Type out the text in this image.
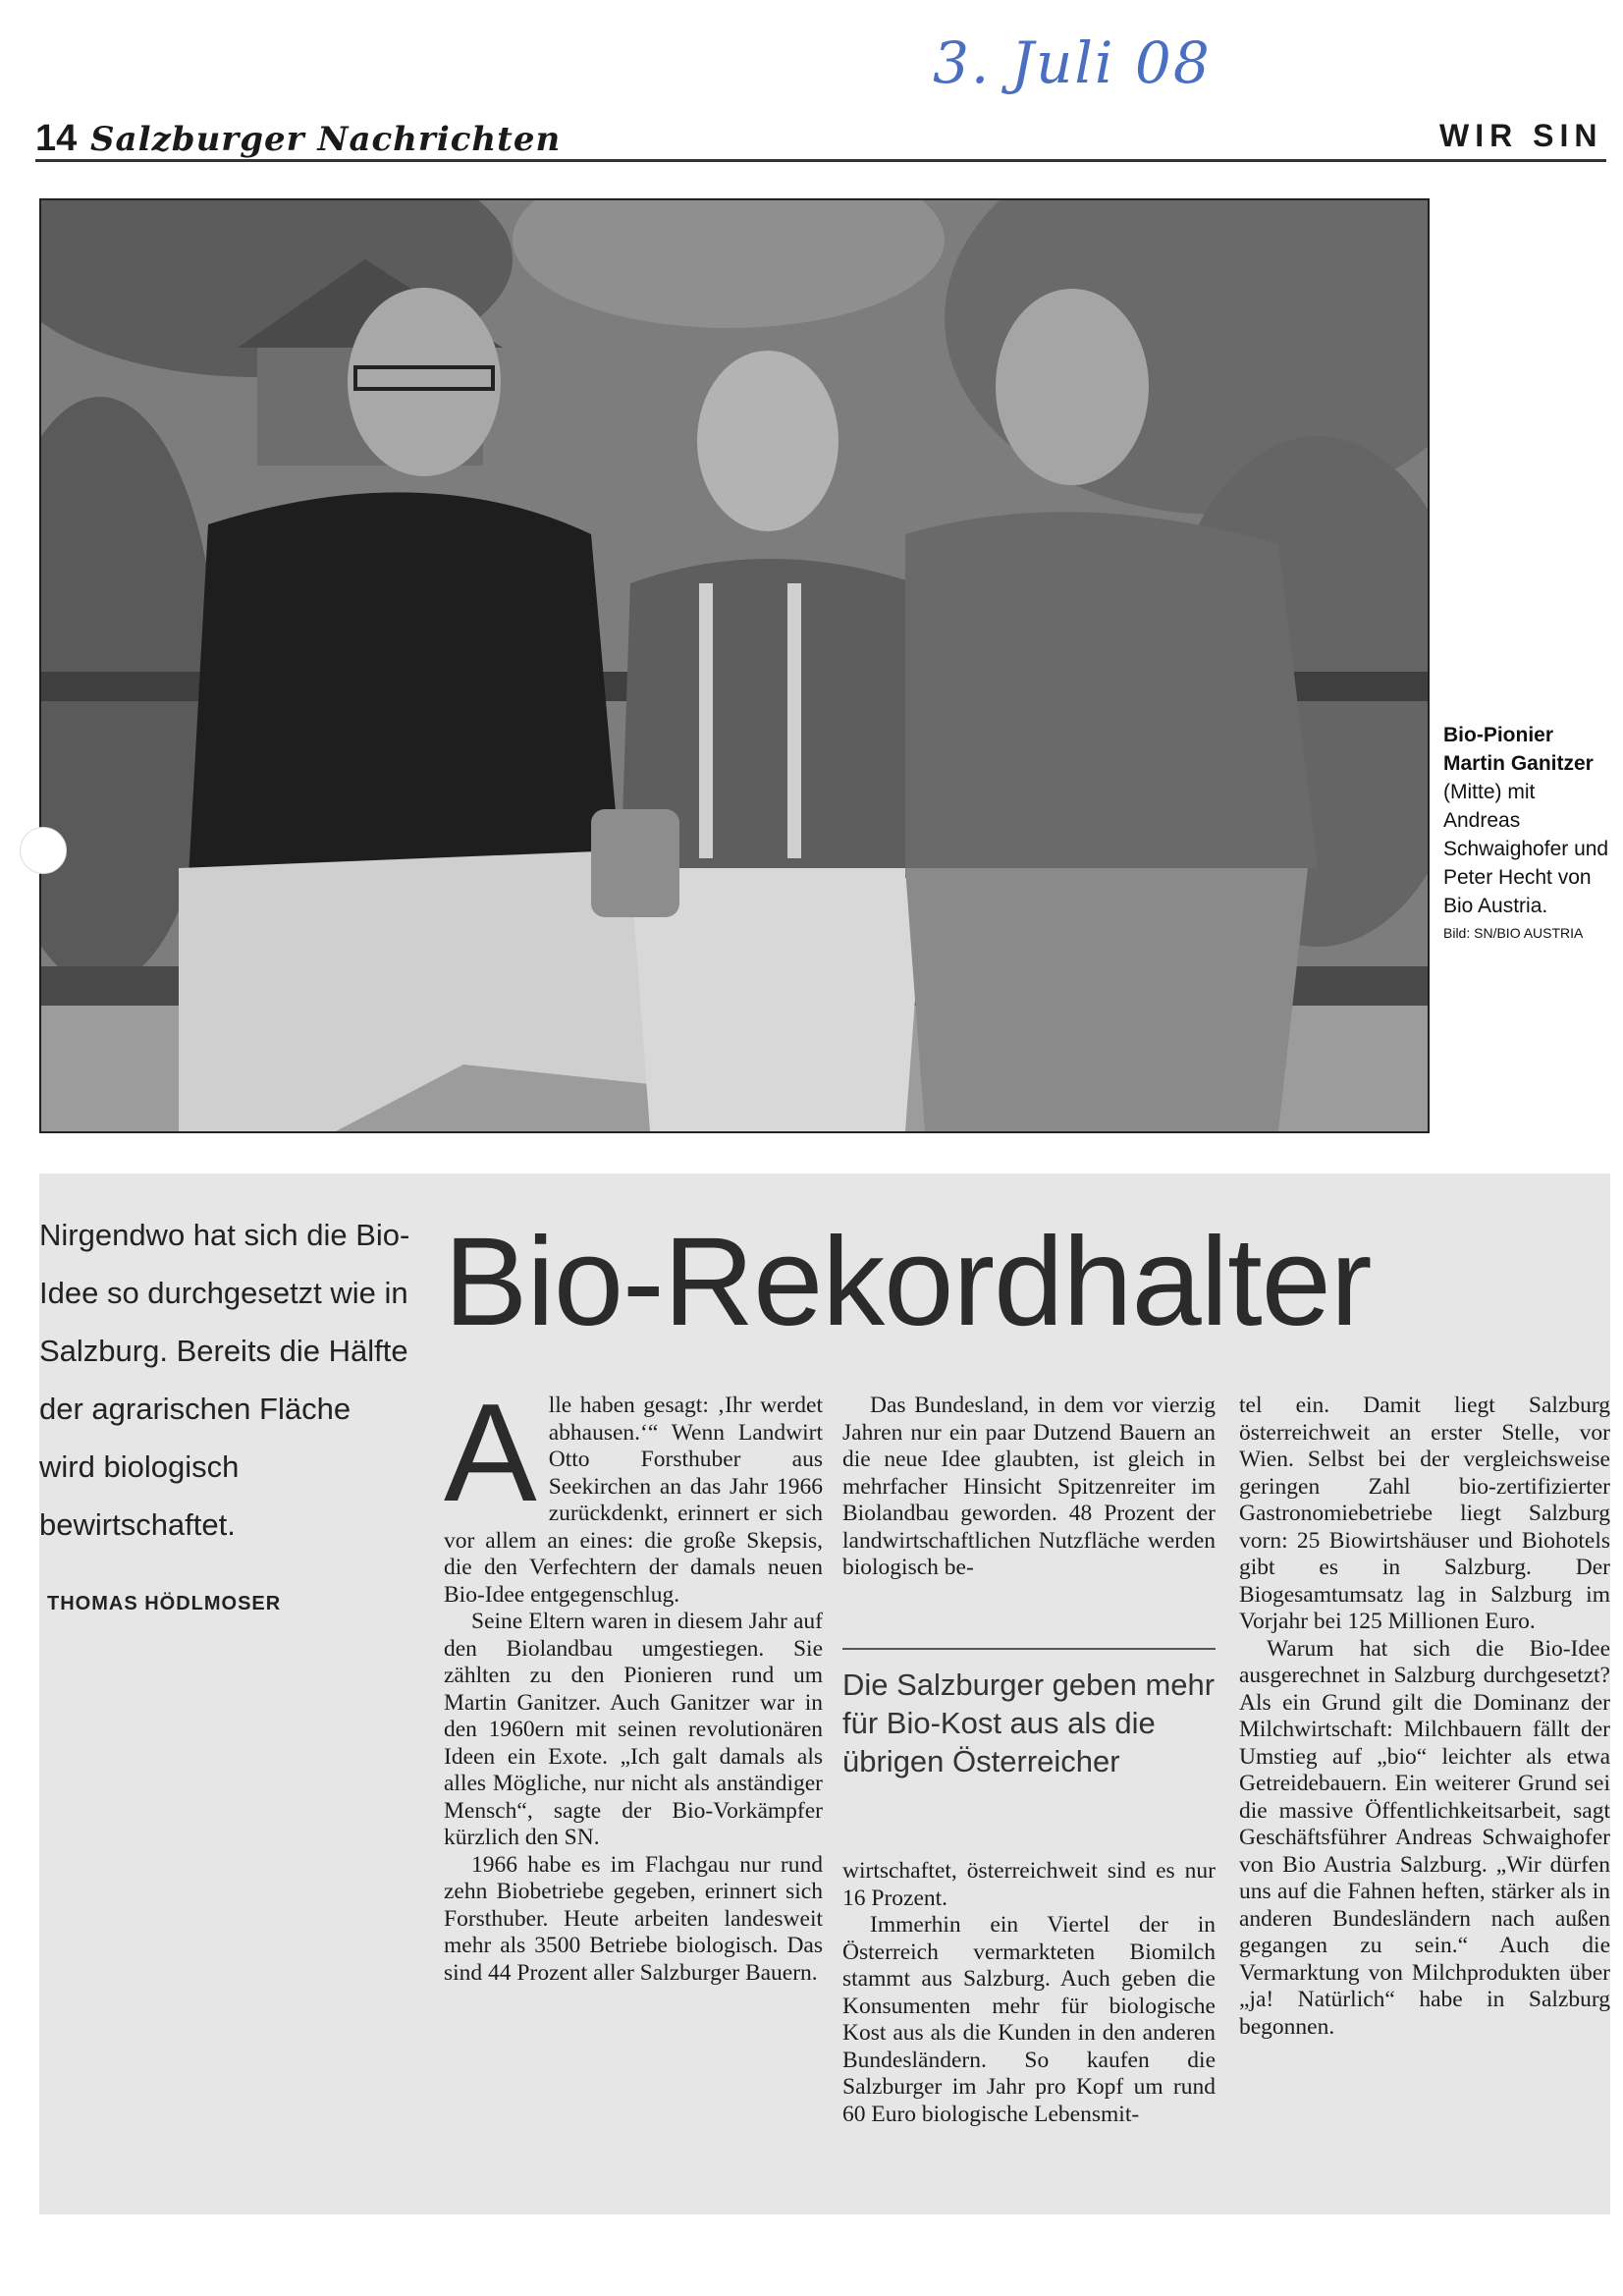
3. Juli 08
14 Salzburger Nachrichten	WIR SIN
Bio-Pionier Martin Ganitzer
(Mitte) mit Andreas Schwaighofer und Peter Hecht von Bio Austria.
Bild: SN/BIO AUSTRIA
Nirgendwo hat sich die Bio-Idee so durchgesetzt wie in Salzburg. Bereits die Hälfte der agrarischen Fläche wird biologisch bewirtschaftet.
THOMAS HÖDLMOSER
Bio-Rekordhalter

Alle haben gesagt: ‚Ihr werdet abhausen.‘“ Wenn Landwirt Otto Forsthuber aus Seekirchen an das Jahr 1966 zurückdenkt, erinnert er sich vor allem an eines: die große Skepsis, die den Verfechtern der damals neuen Bio-Idee entgegenschlug.

Seine Eltern waren in diesem Jahr auf den Biolandbau umgestiegen. Sie zählten zu den Pionieren rund um Martin Ganitzer. Auch Ganitzer war in den 1960ern mit seinen revolutionären Ideen ein Exote. „Ich galt damals als alles Mögliche, nur nicht als anständiger Mensch“, sagte der Bio-Vorkämpfer kürzlich den SN.

1966 habe es im Flachgau nur rund zehn Biobetriebe gegeben, erinnert sich Forsthuber. Heute arbeiten landesweit mehr als 3500 Betriebe biologisch. Das sind 44 Prozent aller Salzburger Bauern.

Das Bundesland, in dem vor vierzig Jahren nur ein paar Dutzend Bauern an die neue Idee glaubten, ist gleich in mehrfacher Hinsicht Spitzenreiter im Biolandbau geworden. 48 Prozent der landwirtschaftlichen Nutzfläche werden biologisch be-

Die Salzburger geben mehr für Bio-Kost aus als die übrigen Österreicher

wirtschaftet, österreichweit sind es nur 16 Prozent.

Immerhin ein Viertel der in Österreich vermarkteten Biomilch stammt aus Salzburg. Auch geben die Konsumenten mehr für biologische Kost aus als die Kunden in den anderen Bundesländern. So kaufen die Salzburger im Jahr pro Kopf um rund 60 Euro biologische Lebensmit-

tel ein. Damit liegt Salzburg österreichweit an erster Stelle, vor Wien. Selbst bei der vergleichsweise geringen Zahl bio-zertifizierter Gastronomiebetriebe liegt Salzburg vorn: 25 Biowirtshäuser und Biohotels gibt es in Salzburg. Der Biogesamtumsatz lag in Salzburg im Vorjahr bei 125 Millionen Euro.

Warum hat sich die Bio-Idee ausgerechnet in Salzburg durchgesetzt? Als ein Grund gilt die Dominanz der Milchwirtschaft: Milchbauern fällt der Umstieg auf „bio“ leichter als etwa Getreidebauern. Ein weiterer Grund sei die massive Öffentlichkeitsarbeit, sagt Geschäftsführer Andreas Schwaighofer von Bio Austria Salzburg. „Wir dürfen uns auf die Fahnen heften, stärker als in anderen Bundesländern nach außen gegangen zu sein.“ Auch die Vermarktung von Milchprodukten über „ja! Natürlich“ habe in Salzburg begonnen.
